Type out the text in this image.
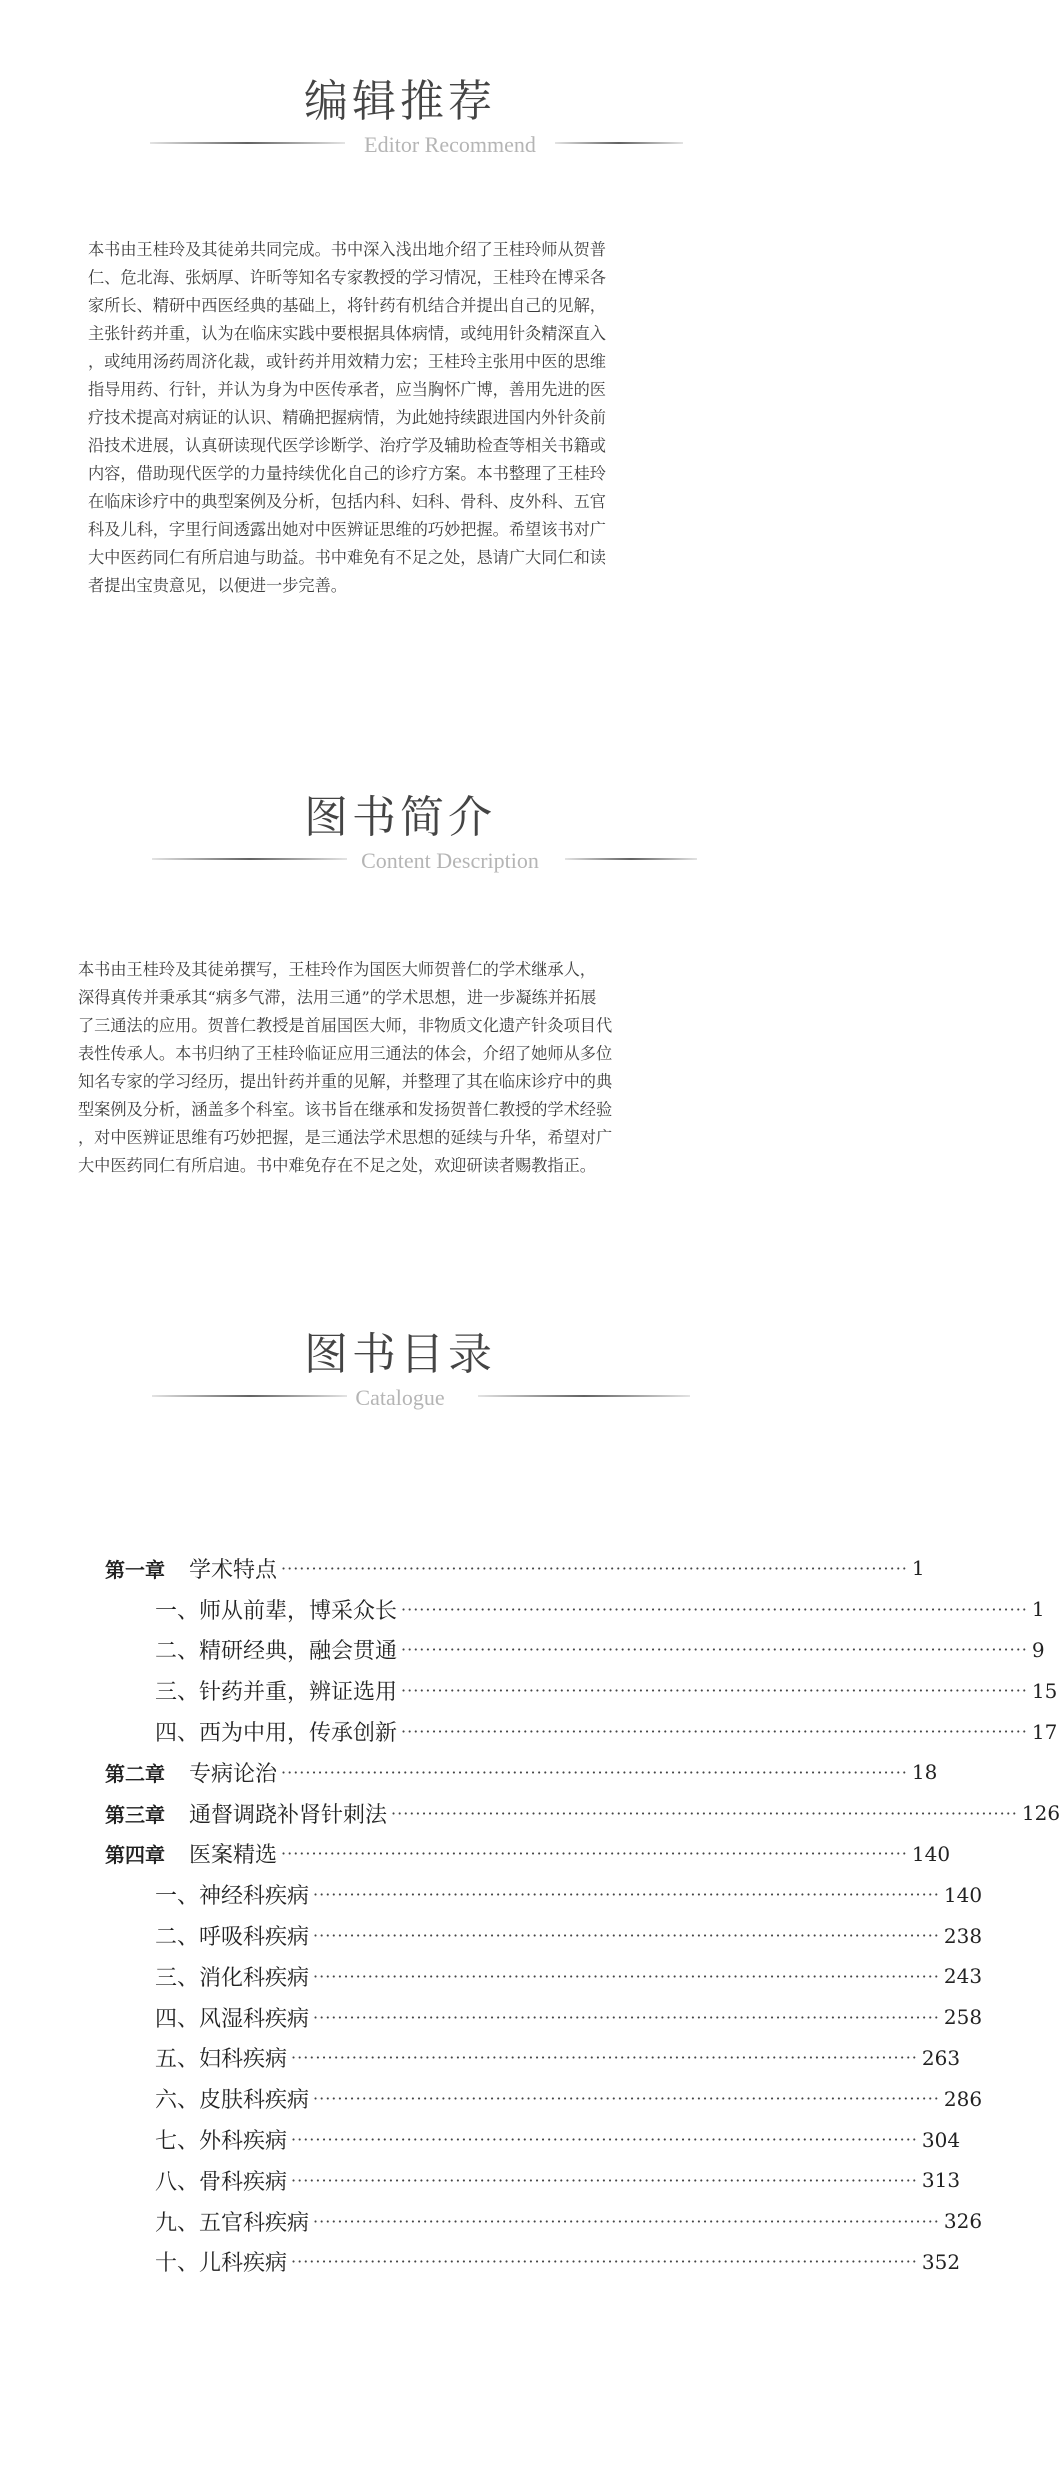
编辑推荐
Editor Recommend
本书由王桂玲及其徒弟共同完成。书中深入浅出地介绍了王桂玲师从贺普
仁、危北海、张炳厚、许昕等知名专家教授的学习情况，王桂玲在博采各
家所长、精研中西医经典的基础上，将针药有机结合并提出自己的见解，
主张针药并重，认为在临床实践中要根据具体病情，或纯用针灸精深直入
，或纯用汤药周济化裁，或针药并用效精力宏；王桂玲主张用中医的思维
指导用药、行针，并认为身为中医传承者，应当胸怀广博，善用先进的医
疗技术提高对病证的认识、精确把握病情，为此她持续跟进国内外针灸前
沿技术进展，认真研读现代医学诊断学、治疗学及辅助检查等相关书籍或
内容，借助现代医学的力量持续优化自己的诊疗方案。本书整理了王桂玲
在临床诊疗中的典型案例及分析，包括内科、妇科、骨科、皮外科、五官
科及儿科，字里行间透露出她对中医辨证思维的巧妙把握。希望该书对广
大中医药同仁有所启迪与助益。书中难免有不足之处，恳请广大同仁和读
者提出宝贵意见，以便进一步完善。
图书简介
Content Description
本书由王桂玲及其徒弟撰写，王桂玲作为国医大师贺普仁的学术继承人，
深得真传并秉承其“病多气滞，法用三通”的学术思想，进一步凝练并拓展
了三通法的应用。贺普仁教授是首届国医大师，非物质文化遗产针灸项目代
表性传承人。本书归纳了王桂玲临证应用三通法的体会，介绍了她师从多位
知名专家的学习经历，提出针药并重的见解，并整理了其在临床诊疗中的典
型案例及分析，涵盖多个科室。该书旨在继承和发扬贺普仁教授的学术经验
，对中医辨证思维有巧妙把握，是三通法学术思想的延续与升华，希望对广
大中医药同仁有所启迪。书中难免存在不足之处，欢迎研读者赐教指正。
图书目录
Catalogue
第一章 学术特点 ······································································································· 1
一、师从前辈，博采众长 ······································································································· 1
二、精研经典，融会贯通 ······································································································· 9
三、针药并重，辨证选用 ······································································································· 15
四、西为中用，传承创新 ······································································································· 17
第二章 专病论治 ······································································································· 18
第三章 通督调跷补肾针刺法 ······································································································· 126
第四章 医案精选 ······································································································· 140
一、神经科疾病 ······································································································· 140
二、呼吸科疾病 ······································································································· 238
三、消化科疾病 ······································································································· 243
四、风湿科疾病 ······································································································· 258
五、妇科疾病 ······································································································· 263
六、皮肤科疾病 ······································································································· 286
七、外科疾病 ······································································································· 304
八、骨科疾病 ······································································································· 313
九、五官科疾病 ······································································································· 326
十、儿科疾病 ······································································································· 352
